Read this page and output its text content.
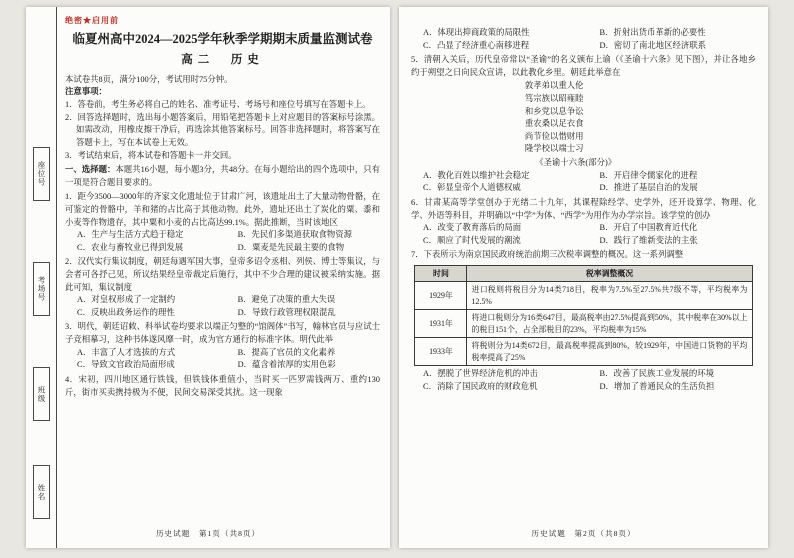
座位号
考场号
班级
姓名
绝密★启用前
临夏州高中2024—2025学年秋季学期期末质量监测试卷
高二　历史
本试卷共8页，满分100分，考试用时75分钟。
注意事项：
1．答卷前，考生务必将自己的姓名、准考证号、考场号和座位号填写在答题卡上。
2．回答选择题时，选出每小题答案后，用铅笔把答题卡上对应题目的答案标号涂黑。如需改动，用橡皮擦干净后，再选涂其他答案标号。回答非选择题时，将答案写在答题卡上，写在本试卷上无效。
3．考试结束后，将本试卷和答题卡一并交回。
一、选择题：本题共16小题，每小题3分，共48分。在每小题给出的四个选项中，只有一项是符合题目要求的。
1．距今3500—3000年的齐家文化遗址位于甘肃广河，该遗址出土了大量动物骨骼，在可鉴定的骨骼中，羊和猪的占比高于其他动物。此外，遗址还出土了炭化的粟、黍和小麦等作物遗存，其中粟和小麦的占比高达99.1%。据此推断，当时该地区
A．生产与生活方式趋于稳定	B．先民们多渠道获取食物资源
C．农业与畜牧业已得到发展	D．粟麦是先民最主要的食物
2．汉代实行集议制度，朝廷每遇军国大事，皇帝多诏令丞相、列侯、博士等集议，与会者可各抒己见，所议结果经皇帝裁定后施行，其中不少合理的建议被采纳实施。据此可知，集议制度
A．对皇权形成了一定制约	B．避免了决策的重大失误
C．反映出政务运作的理性	D．导致行政管理权限混乱
3．明代，朝廷诏敕、科举试卷均要求以端正匀整的“馆阁体”书写，翰林官员与应试士子竞相摹习，这种书体遂风靡一时，成为官方通行的标准字体。明代此举
A．丰富了人才选拔的方式	B．提高了官员的文化素养
C．导致文官政治局面形成	D．蕴含着浓厚的实用色彩
4．宋初，四川地区通行铁钱，但铁钱体重值小，当时买一匹罗需钱两万、重约130斤，街市买卖携持极为不便，民间交易深受其扰。这一现象
历史试题　第1页（共8页）
A．体现出抑商政策的局限性	B．折射出货币革新的必要性
C．凸显了经济重心南移进程	D．密切了南北地区经济联系
5．清朝入关后，历代皇帝常以“圣谕”的名义颁布上谕（《圣谕十六条》见下图），并让各地乡约于朔望之日向民众宣讲，以此教化乡里。朝廷此举意在
敦孝弟以重人伦
笃宗族以昭雍睦
和乡党以息争讼
重农桑以足衣食
尚节俭以惜财用
隆学校以端士习
《圣谕十六条(部分)》
A．教化百姓以维护社会稳定	B．开启律令儒家化的进程
C．彰显皇帝个人道德权威	D．推进了基层自治的发展
6．甘肃某高等学堂创办于光绪二十九年，其课程除经学、史学外，还开设算学、物理、化学、外语等科目，并明确以“中学”为体、“西学”为用作为办学宗旨。该学堂的创办
A．改变了教育落后的局面	B．开启了中国教育近代化
C．顺应了时代发展的潮流	D．践行了维新变法的主张
7．下表所示为南京国民政府统治前期三次税率调整的概况。这一系列调整
时间	税率调整概况
1929年	进口税则将税目分为14类718目，税率为7.5%至27.5%共7级不等，平均税率为12.5%
1931年	将进口税则分为16类647目，最高税率由27.5%提高到50%，其中税率在30%以上的税目151个，占全部税目的23%，平均税率为15%
1933年	将税则分为14类672目，最高税率提高到80%，较1929年，中国进口货物的平均税率提高了25%
A．摆脱了世界经济危机的冲击	B．改善了民族工业发展的环境
C．消除了国民政府的财政危机	D．增加了普通民众的生活负担
历史试题　第2页（共8页）
